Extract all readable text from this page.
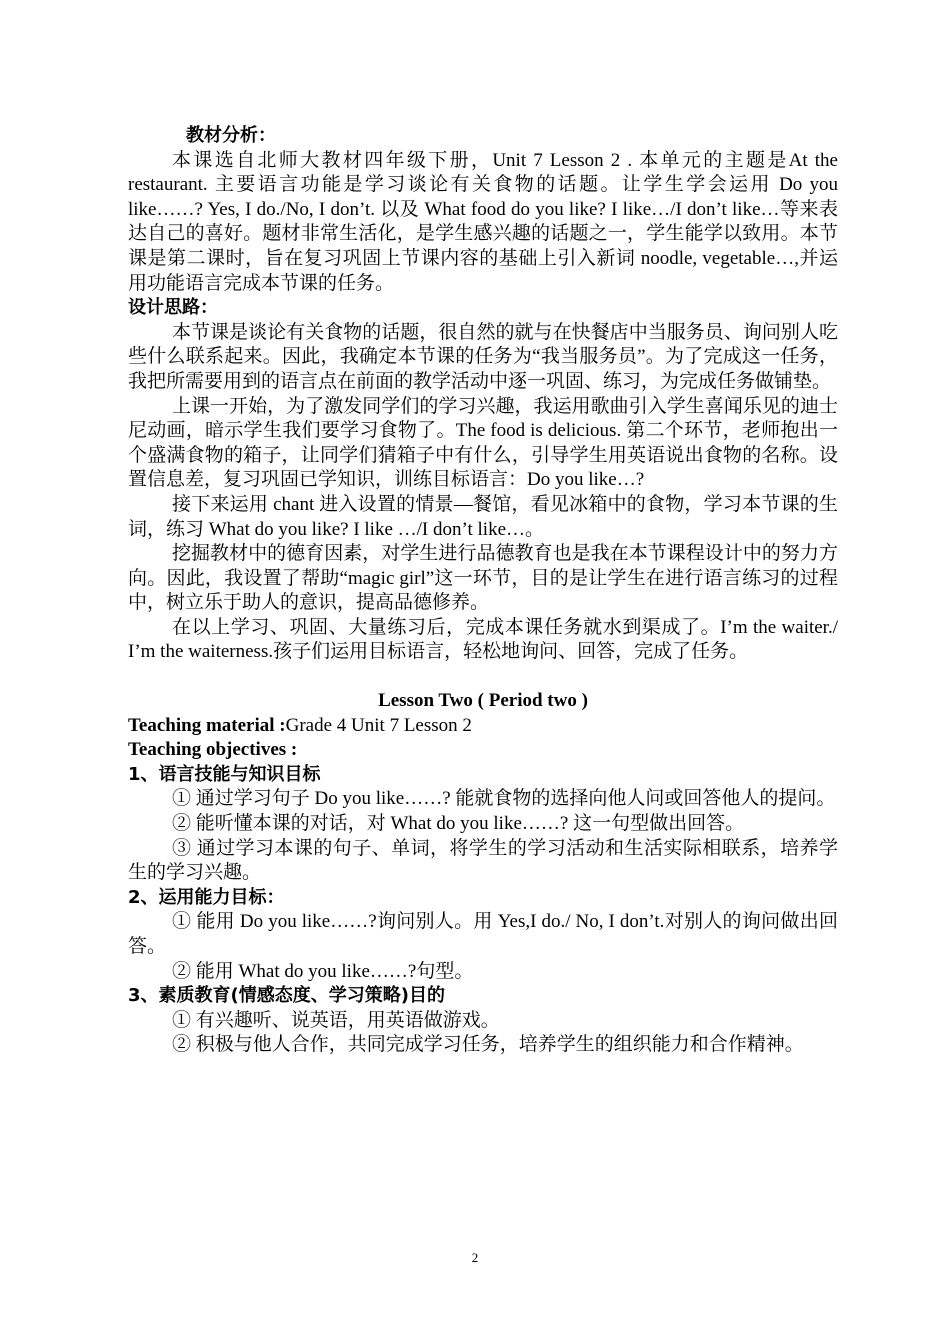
教材分析：

本课选自北师大教材四年级下册，Unit 7 Lesson 2 . 本单元的主题是At the restaurant. 主要语言功能是学习谈论有关食物的话题。让学生学会运用 Do you like……? Yes, I do./No, I don’t. 以及 What food do you like? I like…/I don’t like…等来表达自己的喜好。题材非常生活化，是学生感兴趣的话题之一，学生能学以致用。本节课是第二课时，旨在复习巩固上节课内容的基础上引入新词 noodle, vegetable…,并运用功能语言完成本节课的任务。

设计思路：

本节课是谈论有关食物的话题，很自然的就与在快餐店中当服务员、询问别人吃些什么联系起来。因此，我确定本节课的任务为“我当服务员”。为了完成这一任务，我把所需要用到的语言点在前面的教学活动中逐一巩固、练习，为完成任务做铺垫。

上课一开始，为了激发同学们的学习兴趣，我运用歌曲引入学生喜闻乐见的迪士尼动画，暗示学生我们要学习食物了。The food is delicious. 第二个环节，老师抱出一个盛满食物的箱子，让同学们猜箱子中有什么，引导学生用英语说出食物的名称。设置信息差，复习巩固已学知识，训练目标语言：Do you like…?

接下来运用 chant 进入设置的情景—餐馆，看见冰箱中的食物，学习本节课的生词，练习 What do you like? I like …/I don’t like…。

挖掘教材中的德育因素，对学生进行品德教育也是我在本节课程设计中的努力方向。因此，我设置了帮助“magic girl”这一环节，目的是让学生在进行语言练习的过程中，树立乐于助人的意识，提高品德修养。

在以上学习、巩固、大量练习后，完成本课任务就水到渠成了。I’m the waiter./ I’m the waiterness.孩子们运用目标语言，轻松地询问、回答，完成了任务。

Lesson Two ( Period two )

Teaching material :Grade 4 Unit 7 Lesson 2

Teaching objectives :

1、语言技能与知识目标

① 通过学习句子 Do you like……? 能就食物的选择向他人问或回答他人的提问。

② 能听懂本课的对话，对 What do you like……? 这一句型做出回答。

③ 通过学习本课的句子、单词，将学生的学习活动和生活实际相联系，培养学生的学习兴趣。

2、运用能力目标：

① 能用 Do you like……?询问别人。用 Yes,I do./ No, I don’t.对别人的询问做出回答。

② 能用 What do you like……?句型。

3、素质教育(情感态度、学习策略)目的

① 有兴趣听、说英语，用英语做游戏。

② 积极与他人合作，共同完成学习任务，培养学生的组织能力和合作精神。

2
